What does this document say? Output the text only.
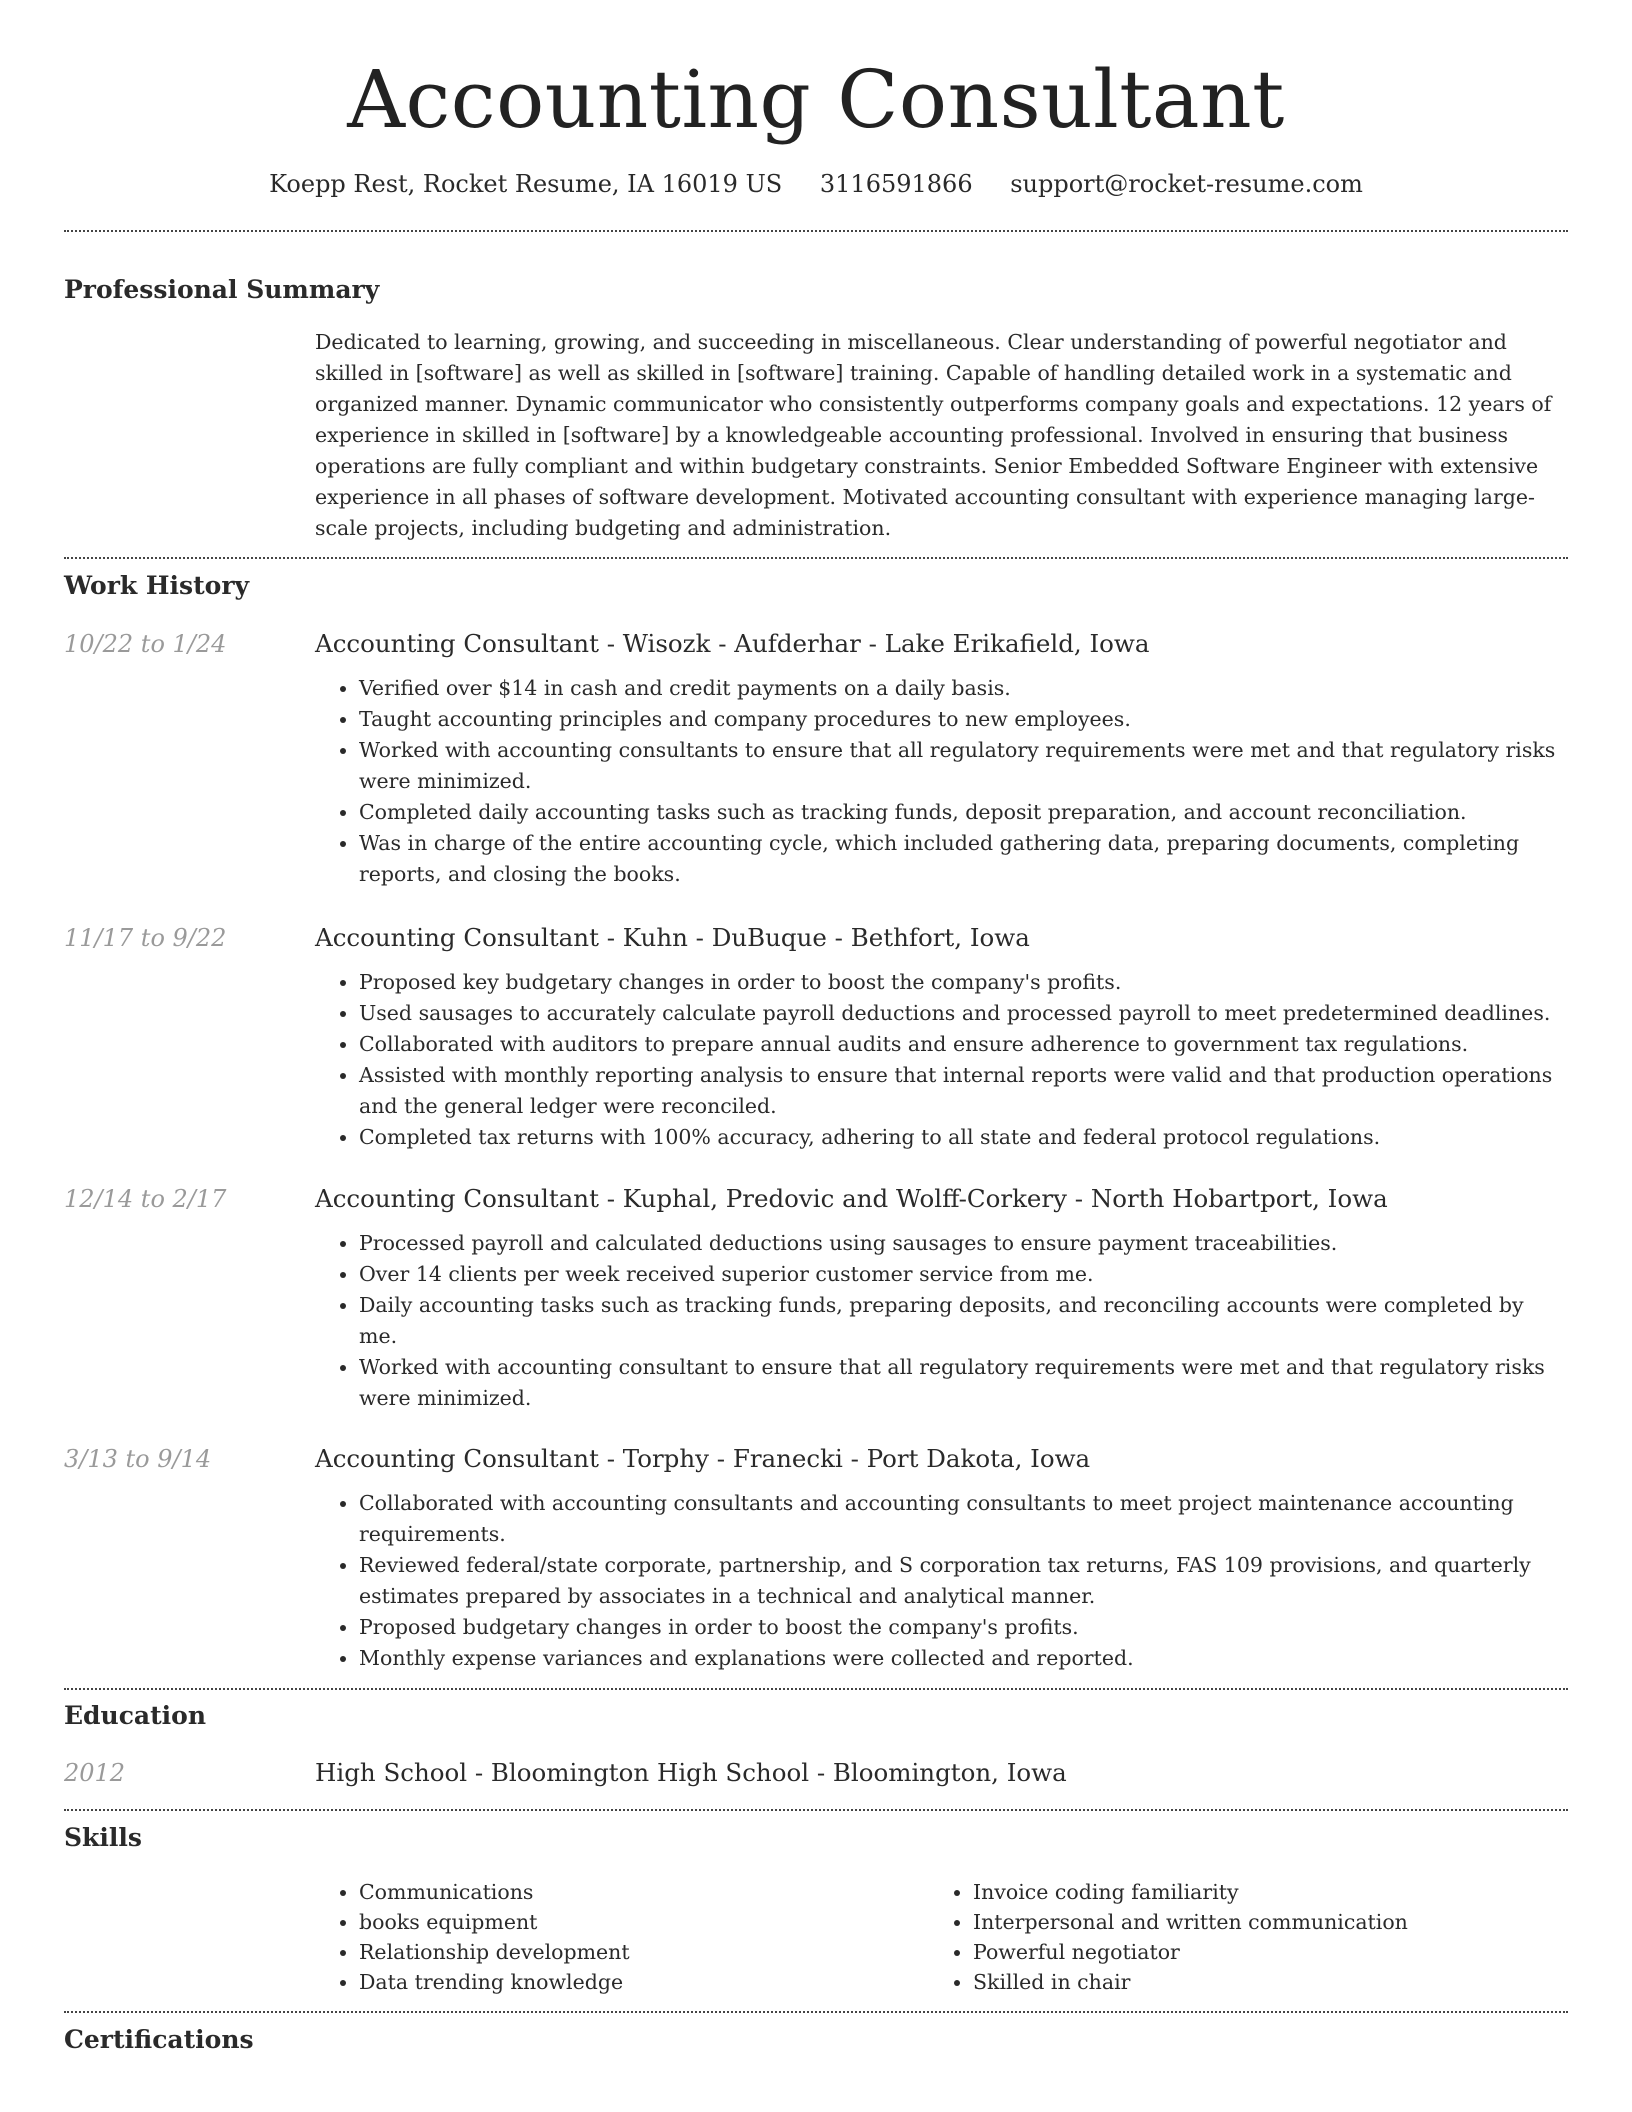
Accounting Consultant
Koepp Rest, Rocket Resume, IA 16019 US 3116591866 support@rocket-resume.com
Professional Summary
Dedicated to learning, growing, and succeeding in miscellaneous. Clear understanding of powerful negotiator and skilled in [software] as well as skilled in [software] training. Capable of handling detailed work in a systematic and organized manner. Dynamic communicator who consistently outperforms company goals and expectations. 12 years of experience in skilled in [software] by a knowledgeable accounting professional. Involved in ensuring that business operations are fully compliant and within budgetary constraints. Senior Embedded Software Engineer with extensive experience in all phases of software development. Motivated accounting consultant with experience managing large-scale projects, including budgeting and administration.
Work History
10/22 to 1/24	Accounting Consultant - Wisozk - Aufderhar - Lake Erikafield, Iowa
• Verified over $14 in cash and credit payments on a daily basis.
• Taught accounting principles and company procedures to new employees.
• Worked with accounting consultants to ensure that all regulatory requirements were met and that regulatory risks were minimized.
• Completed daily accounting tasks such as tracking funds, deposit preparation, and account reconciliation.
• Was in charge of the entire accounting cycle, which included gathering data, preparing documents, completing reports, and closing the books.
11/17 to 9/22	Accounting Consultant - Kuhn - DuBuque - Bethfort, Iowa
• Proposed key budgetary changes in order to boost the company's profits.
• Used sausages to accurately calculate payroll deductions and processed payroll to meet predetermined deadlines.
• Collaborated with auditors to prepare annual audits and ensure adherence to government tax regulations.
• Assisted with monthly reporting analysis to ensure that internal reports were valid and that production operations and the general ledger were reconciled.
• Completed tax returns with 100% accuracy, adhering to all state and federal protocol regulations.
12/14 to 2/17	Accounting Consultant - Kuphal, Predovic and Wolff-Corkery - North Hobartport, Iowa
• Processed payroll and calculated deductions using sausages to ensure payment traceabilities.
• Over 14 clients per week received superior customer service from me.
• Daily accounting tasks such as tracking funds, preparing deposits, and reconciling accounts were completed by me.
• Worked with accounting consultant to ensure that all regulatory requirements were met and that regulatory risks were minimized.
3/13 to 9/14	Accounting Consultant - Torphy - Franecki - Port Dakota, Iowa
• Collaborated with accounting consultants and accounting consultants to meet project maintenance accounting requirements.
• Reviewed federal/state corporate, partnership, and S corporation tax returns, FAS 109 provisions, and quarterly estimates prepared by associates in a technical and analytical manner.
• Proposed budgetary changes in order to boost the company's profits.
• Monthly expense variances and explanations were collected and reported.
Education
2012	High School - Bloomington High School - Bloomington, Iowa
Skills
• Communications
• books equipment
• Relationship development
• Data trending knowledge
• Invoice coding familiarity
• Interpersonal and written communication
• Powerful negotiator
• Skilled in chair
Certifications
